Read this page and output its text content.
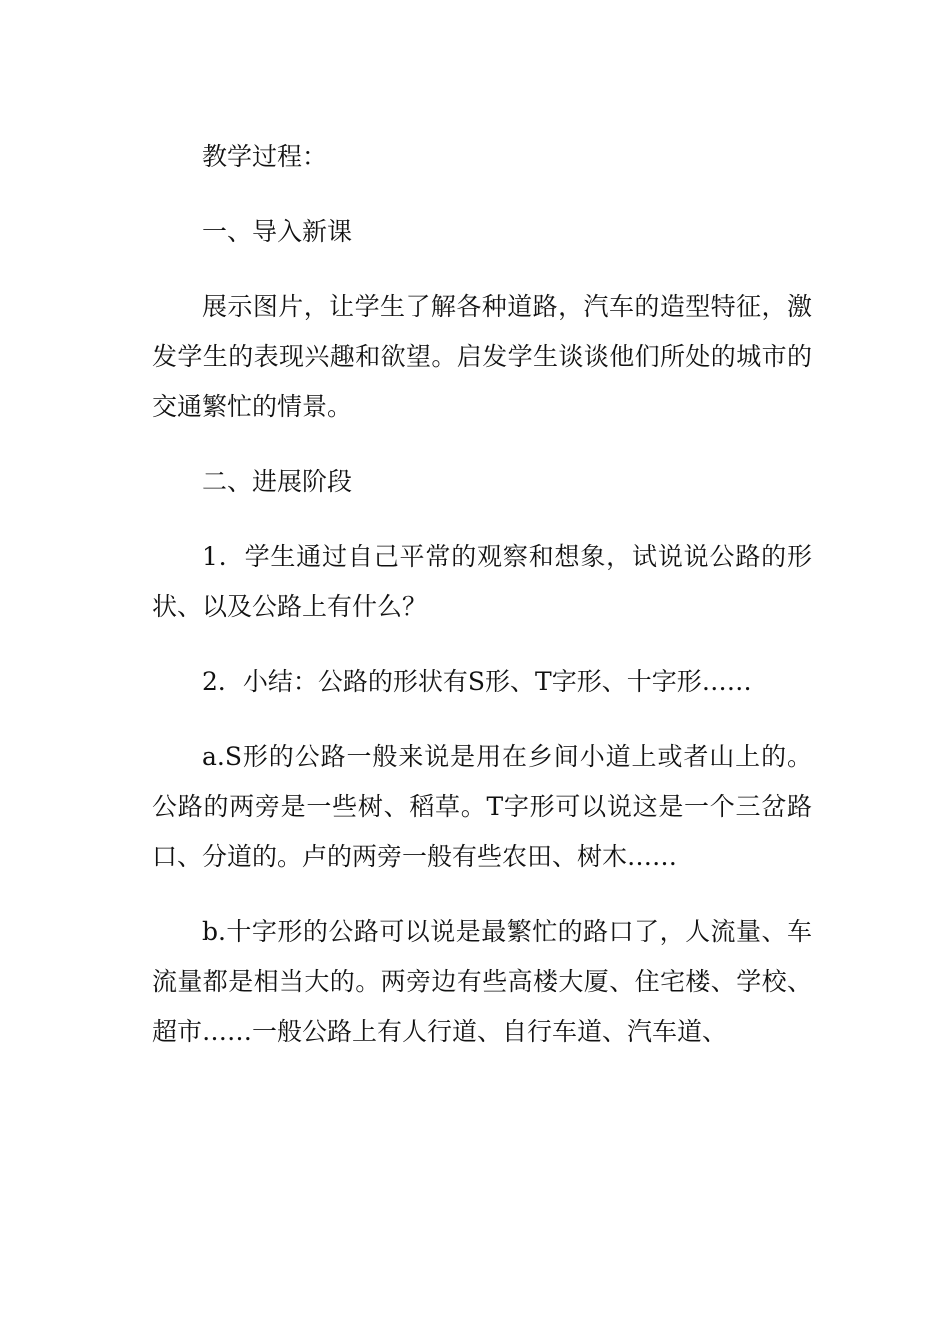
教学过程：

一、导入新课

展示图片，让学生了解各种道路，汽车的造型特征，激发学生的表现兴趣和欲望。启发学生谈谈他们所处的城市的交通繁忙的情景。

二、进展阶段

1．学生通过自己平常的观察和想象，试说说公路的形状、以及公路上有什么？

2．小结：公路的形状有S形、T字形、十字形……

a.S形的公路一般来说是用在乡间小道上或者山上的。公路的两旁是一些树、稻草。T字形可以说这是一个三岔路口、分道的。卢的两旁一般有些农田、树木……

b.十字形的公路可以说是最繁忙的路口了，人流量、车流量都是相当大的。两旁边有些高楼大厦、住宅楼、学校、超市……一般公路上有人行道、自行车道、汽车道、
